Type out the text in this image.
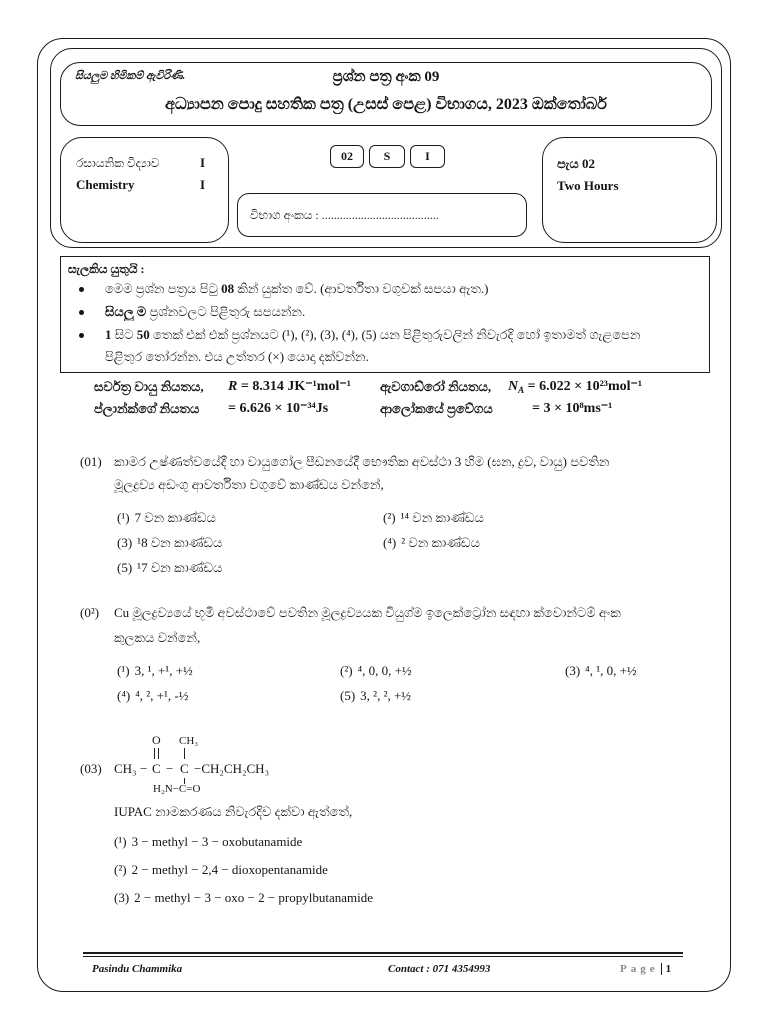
සියලුම හිමිකම් ඇවිරිණි.	ප්‍රශ්න පත්‍ර අංක 09
අධ්‍යාපන පොදු සහතික පත්‍ර (උසස් පෙළ) විභාගය, 2023 ඔක්තෝබර්
රසායනික විද්‍යාව	I
Chemistry	I
02	S	I
විභාග අංකය : .......................................
පැය 02
Two Hours
සැලකිය යුතුයි :
මෙම ප්‍රශ්න පත්‍රය පිටු 08 කින් යුක්ත වේ. (ආවර්තිතා වගුවක් සපයා ඇත.)
සියලු ම ප්‍රශ්නවලට පිළිතුරු සපයන්න.
1 සිට 50 තෙක් එක් එක් ප්‍රශ්නයට (¹), (²), (3), (⁴), (5) යන පිළිතුරුවලින් නිවැරදි හෝ ඉතාමත් ගැළපෙන
පිළිතුර තෝරන්න. එය උත්තර (×) යොදා දක්වන්න.
සර්වත්‍ර වායු නියතය,	R = 8.314 JK⁻¹mol⁻¹	ඇවගාඩ්රෝ නියතය,	$N_A = 6.022 \times 10^{23}mol^{-1}$
ප්ලාන්ක්ගේ නියතය	= 6.626 × 10⁻³⁴Js	ආලෝකයේ ප්‍රවේගය	= 3 × 10⁸ms⁻¹
(01) කාමර උෂ්ණත්වයේදී හා වායුගෝල පීඩනයේදී භෞතික අවස්ථා 3 හිම (ඝන, ද්‍රව, වායු) පවතින
මූලද්‍රව්‍ය අඩංගු ආවර්තිතා වගුවේ කාණ්ඩය වන්නේ,
(¹) 7 වන කාණ්ඩය	(²) ¹⁴ වන කාණ්ඩය
(3) ¹8 වන කාණ්ඩය	(⁴) ² වන කාණ්ඩය
(5) ¹7 වන කාණ්ඩය
(0²)	Cu මූලද්‍රව්‍යයේ භූමි අවස්ථාවේ පවතින මූලද්‍රව්‍යයක වියුග්ම ඉලෙක්ට්‍රෝන සඳහා ක්වොන්ටම් අංක
කුලකය වන්නේ,
(¹) 3, ¹, +¹, +½	(²) ⁴, 0, 0, +½	(3) ⁴, ¹, 0, +½
(⁴) ⁴, ², +¹, -½	(5) 3, ², ², +½
O CH₃
(03) CH₃ − C − C −CH₂CH₂CH₃
H₂N−C=O
IUPAC නාමකරණය නිවැරදිව දක්වා ඇත්තේ,
(¹) 3 − methyl − 3 − oxobutanamide
(²) 2 − methyl − 2,4 − dioxopentanamide
(3) 2 − methyl − 3 − oxo − 2 − propylbutanamide
Pasindu Chammika	Contact : 071 4354993	Page 1
